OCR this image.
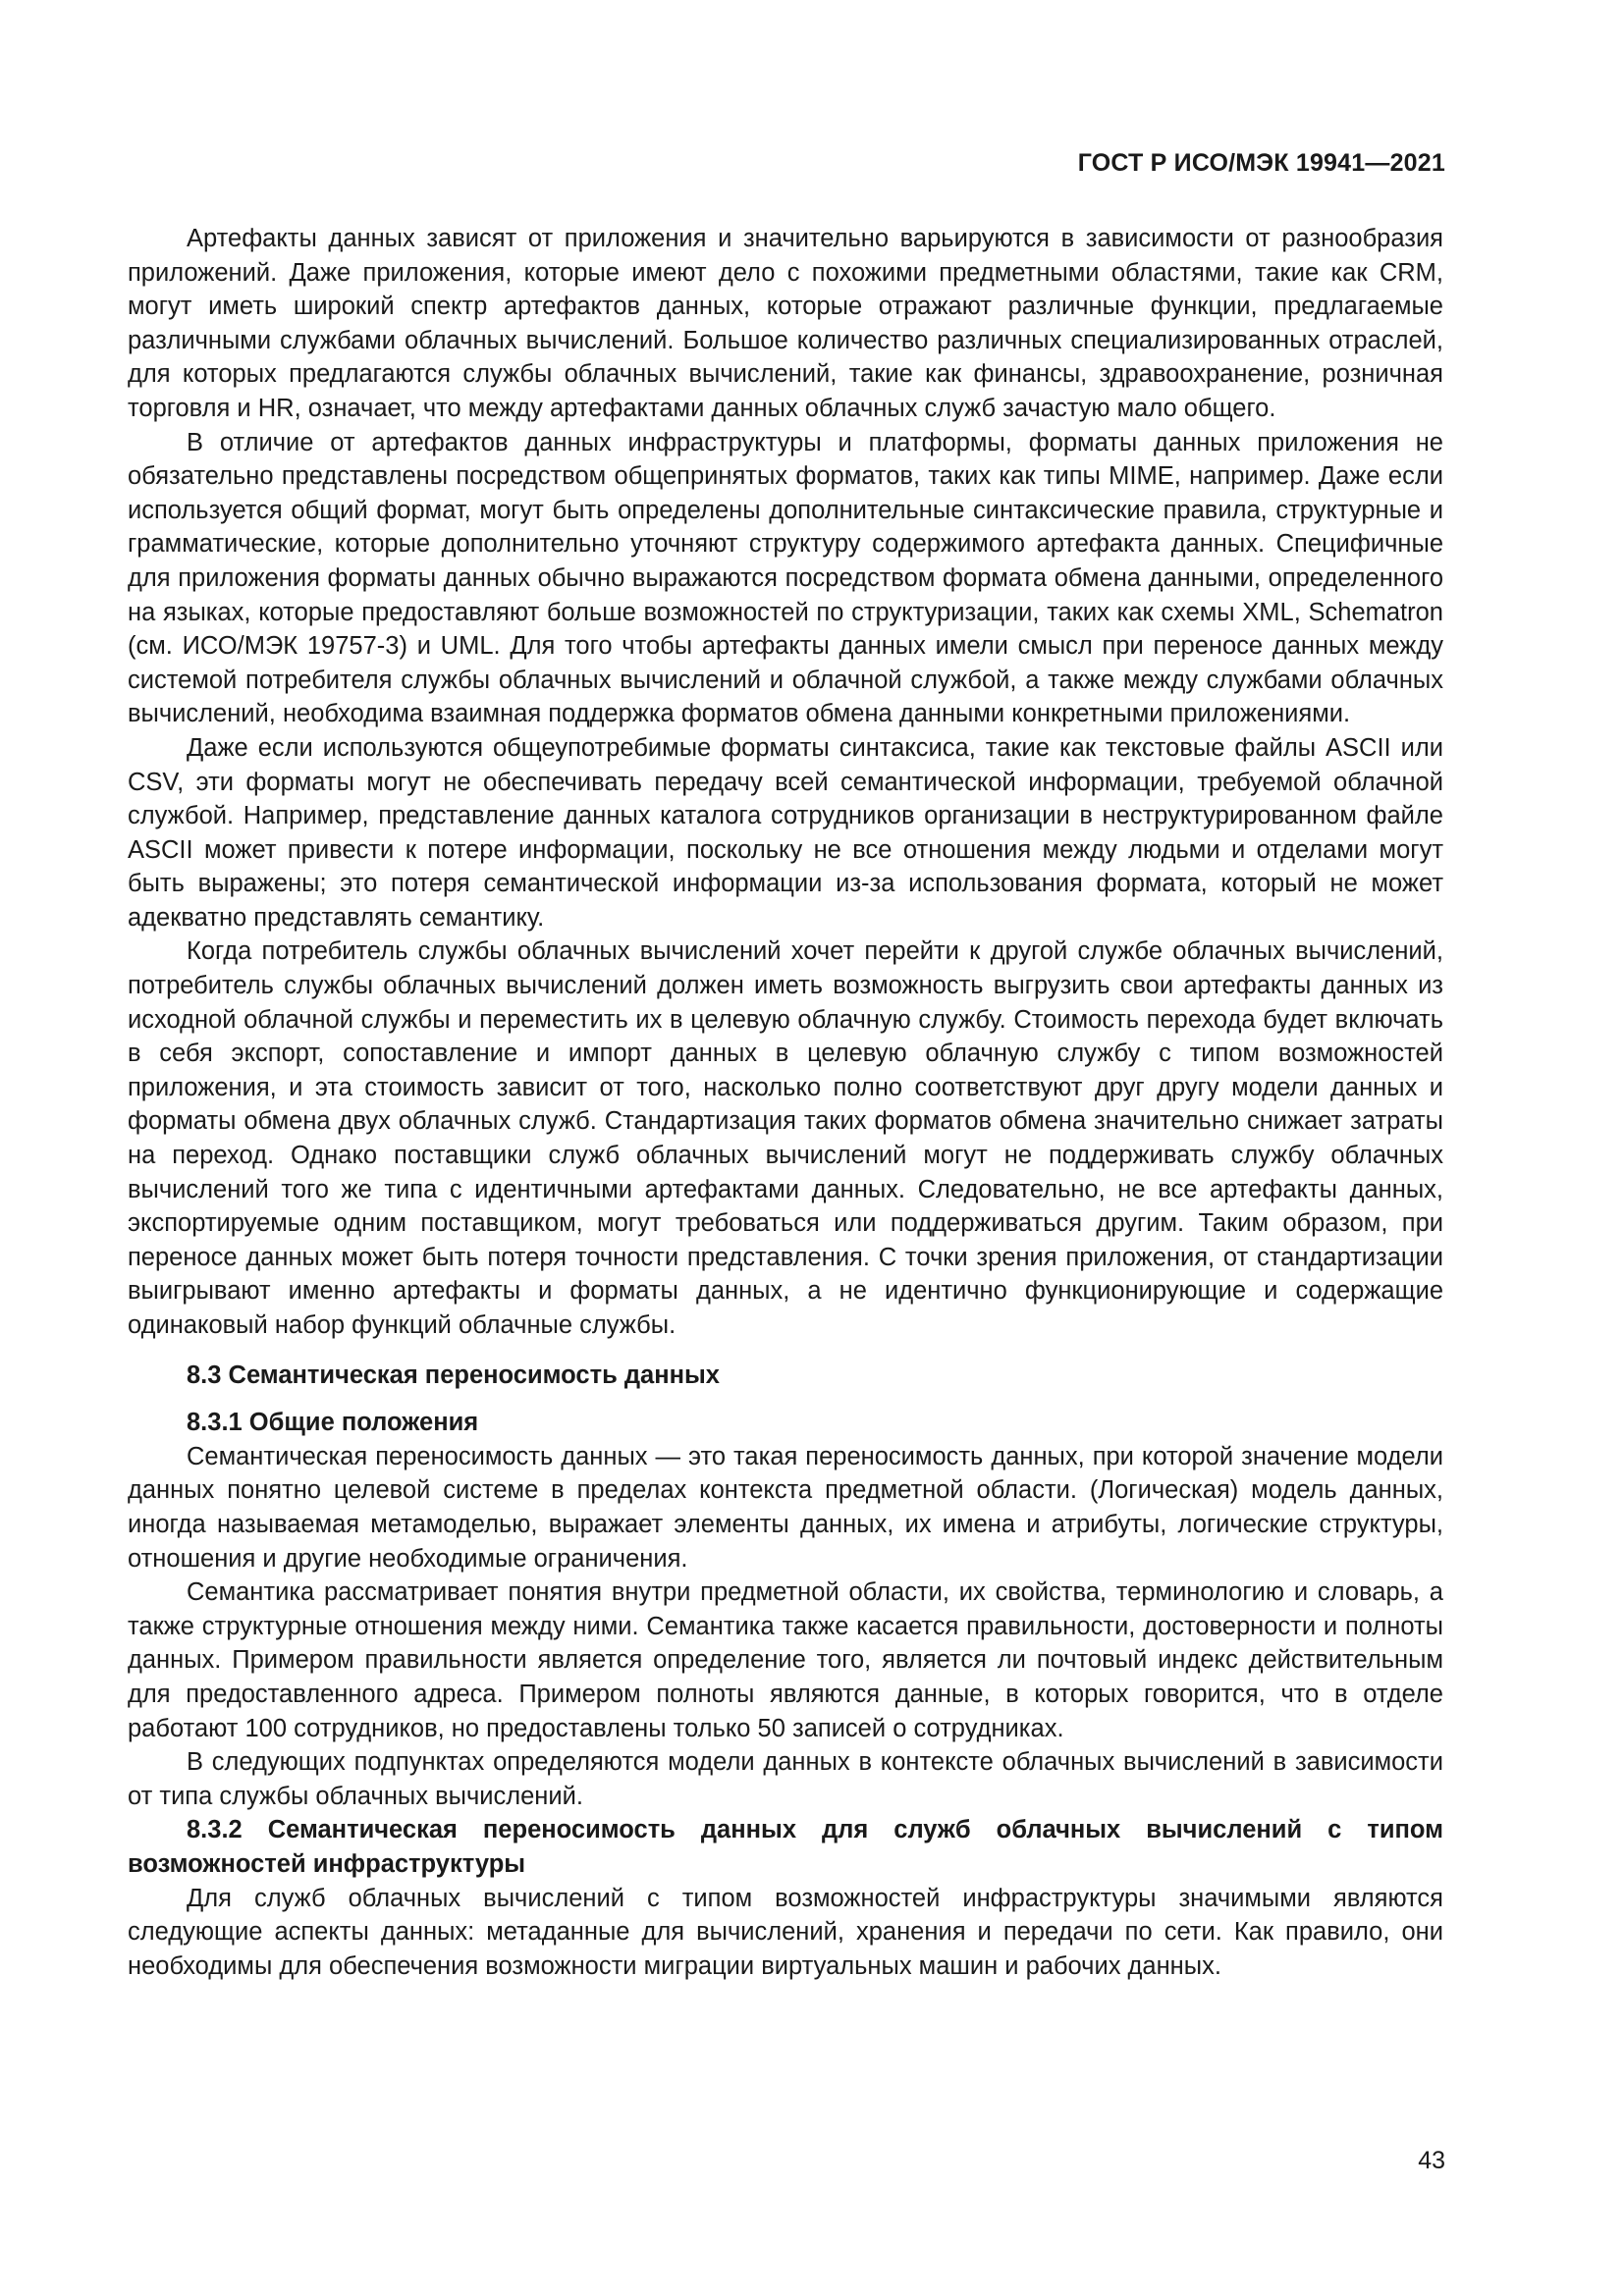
ГОСТ Р ИСО/МЭК 19941—2021

Артефакты данных зависят от приложения и значительно варьируются в зависимости от разнообразия приложений. Даже приложения, которые имеют дело с похожими предметными областями, такие как CRM, могут иметь широкий спектр артефактов данных, которые отражают различные функции, предлагаемые различными службами облачных вычислений. Большое количество различных специализированных отраслей, для которых предлагаются службы облачных вычислений, такие как финансы, здравоохранение, розничная торговля и HR, означает, что между артефактами данных облачных служб зачастую мало общего.

В отличие от артефактов данных инфраструктуры и платформы, форматы данных приложения не обязательно представлены посредством общепринятых форматов, таких как типы MIME, например. Даже если используется общий формат, могут быть определены дополнительные синтаксические правила, структурные и грамматические, которые дополнительно уточняют структуру содержимого артефакта данных. Специфичные для приложения форматы данных обычно выражаются посредством формата обмена данными, определенного на языках, которые предоставляют больше возможностей по структуризации, таких как схемы XML, Schematron (см. ИСО/МЭК 19757-3) и UML. Для того чтобы артефакты данных имели смысл при переносе данных между системой потребителя службы облачных вычислений и облачной службой, а также между службами облачных вычислений, необходима взаимная поддержка форматов обмена данными конкретными приложениями.

Даже если используются общеупотребимые форматы синтаксиса, такие как текстовые файлы ASCII или CSV, эти форматы могут не обеспечивать передачу всей семантической информации, требуемой облачной службой. Например, представление данных каталога сотрудников организации в неструктурированном файле ASCII может привести к потере информации, поскольку не все отношения между людьми и отделами могут быть выражены; это потеря семантической информации из-за использования формата, который не может адекватно представлять семантику.

Когда потребитель службы облачных вычислений хочет перейти к другой службе облачных вычислений, потребитель службы облачных вычислений должен иметь возможность выгрузить свои артефакты данных из исходной облачной службы и переместить их в целевую облачную службу. Стоимость перехода будет включать в себя экспорт, сопоставление и импорт данных в целевую облачную службу с типом возможностей приложения, и эта стоимость зависит от того, насколько полно соответствуют друг другу модели данных и форматы обмена двух облачных служб. Стандартизация таких форматов обмена значительно снижает затраты на переход. Однако поставщики служб облачных вычислений могут не поддерживать службу облачных вычислений того же типа с идентичными артефактами данных. Следовательно, не все артефакты данных, экспортируемые одним поставщиком, могут требоваться или поддерживаться другим. Таким образом, при переносе данных может быть потеря точности представления. С точки зрения приложения, от стандартизации выигрывают именно артефакты и форматы данных, а не идентично функционирующие и содержащие одинаковый набор функций облачные службы.

8.3 Семантическая переносимость данных

8.3.1 Общие положения

Семантическая переносимость данных — это такая переносимость данных, при которой значение модели данных понятно целевой системе в пределах контекста предметной области. (Логическая) модель данных, иногда называемая метамоделью, выражает элементы данных, их имена и атрибуты, логические структуры, отношения и другие необходимые ограничения.

Семантика рассматривает понятия внутри предметной области, их свойства, терминологию и словарь, а также структурные отношения между ними. Семантика также касается правильности, достоверности и полноты данных. Примером правильности является определение того, является ли почтовый индекс действительным для предоставленного адреса. Примером полноты являются данные, в которых говорится, что в отделе работают 100 сотрудников, но предоставлены только 50 записей о сотрудниках.

В следующих подпунктах определяются модели данных в контексте облачных вычислений в зависимости от типа службы облачных вычислений.

8.3.2 Семантическая переносимость данных для служб облачных вычислений с типом возможностей инфраструктуры

Для служб облачных вычислений с типом возможностей инфраструктуры значимыми являются следующие аспекты данных: метаданные для вычислений, хранения и передачи по сети. Как правило, они необходимы для обеспечения возможности миграции виртуальных машин и рабочих данных.

43
